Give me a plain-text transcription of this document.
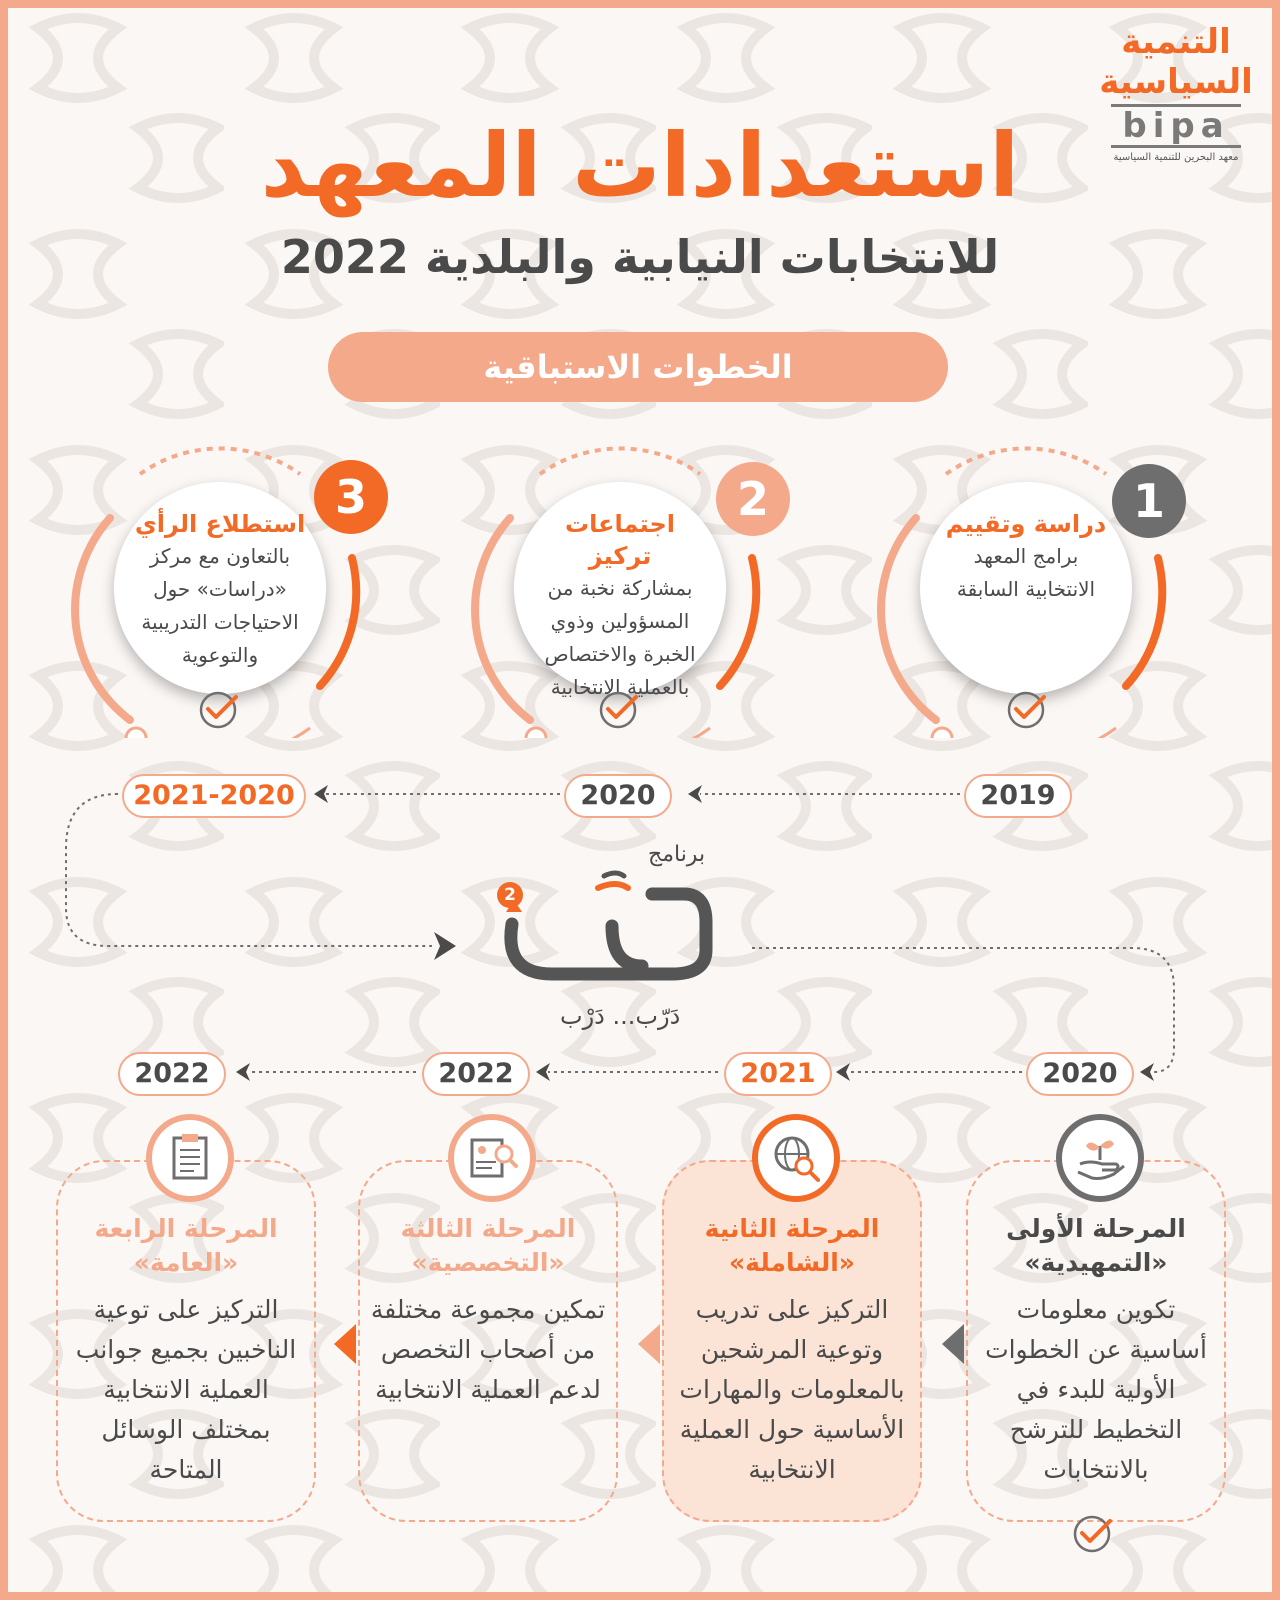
التنمية
السياسية
bipa
معهد البحرين للتنمية السياسية
استعدادات المعهد
للانتخابات النيابية والبلدية 2022
الخطوات الاستباقية
استطلاع الرأي
بالتعاون مع مركز «دراسات» حول الاحتياجات التدريبية والتوعوية
3	اجتماعات تركيز
بمشاركة نخبة من المسؤولين وذوي الخبرة والاختصاص بالعملية الانتخابية
2	دراسة وتقييم
برامج المعهد الانتخابية السابقة
1
2019
2020
2021-2020
برنامج
2
دَرّب... دَرْب
2020
2021
2022
2022
المرحلة الأولى «التمهيدية»
تكوين معلومات أساسية عن الخطوات الأولية للبدء في التخطيط للترشح بالانتخابات
المرحلة الثانية «الشاملة»
التركيز على تدريب وتوعية المرشحين بالمعلومات والمهارات الأساسية حول العملية الانتخابية
المرحلة الثالثة «التخصصية»
تمكين مجموعة مختلفة من أصحاب التخصص لدعم العملية الانتخابية
المرحلة الرابعة «العامة»
التركيز على توعية الناخبين بجميع جوانب العملية الانتخابية بمختلف الوسائل المتاحة
